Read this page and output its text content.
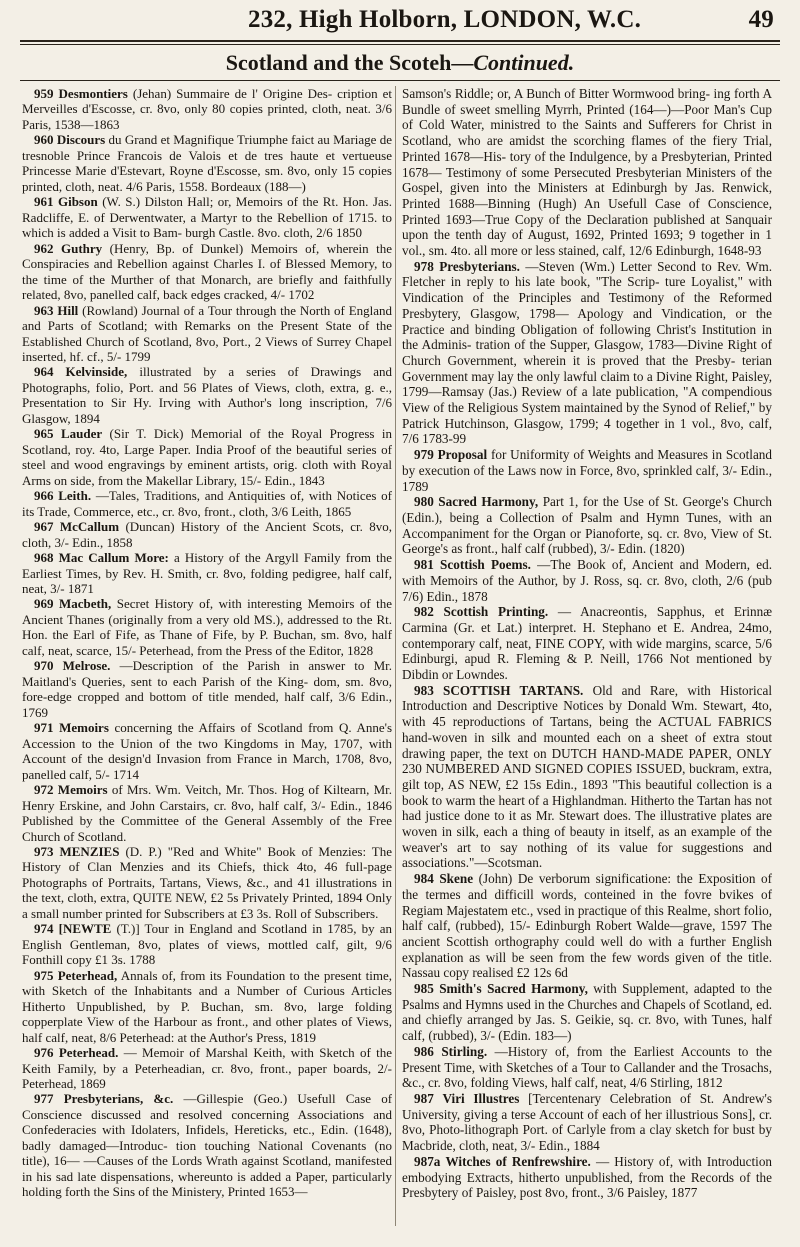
232, High Holborn, LONDON, W.C.	49
Scotland and the Scoteh—Continued.

959 Desmontiers (Jehan) Summaire de l' Origine Des- cription et Merveilles d'Escosse, cr. 8vo, only 80 copies printed, cloth, neat. 3/6 Paris, 1538—1863

960 Discours du Grand et Magnifique Triumphe faict au Mariage de tresnoble Prince Francois de Valois et de tres haute et vertueuse Princesse Marie d'Estevart, Royne d'Escosse, sm. 8vo, only 15 copies printed, cloth, neat. 4/6 Paris, 1558. Bordeaux (188—)

961 Gibson (W. S.) Dilston Hall; or, Memoirs of the Rt. Hon. Jas. Radcliffe, E. of Derwentwater, a Martyr to the Rebellion of 1715. to which is added a Visit to Bam- burgh Castle. 8vo. cloth, 2/6 1850

962 Guthry (Henry, Bp. of Dunkel) Memoirs of, wherein the Conspiracies and Rebellion against Charles I. of Blessed Memory, to the time of the Murther of that Monarch, are briefly and faithfully related, 8vo, panelled calf, back edges cracked, 4/- 1702

963 Hill (Rowland) Journal of a Tour through the North of England and Parts of Scotland; with Remarks on the Present State of the Established Church of Scotland, 8vo, Port., 2 Views of Surrey Chapel inserted, hf. cf., 5/- 1799

964 Kelvinside, illustrated by a series of Drawings and Photographs, folio, Port. and 56 Plates of Views, cloth, extra, g. e., Presentation to Sir Hy. Irving with Author's long inscription, 7/6 Glasgow, 1894

965 Lauder (Sir T. Dick) Memorial of the Royal Progress in Scotland, roy. 4to, Large Paper. India Proof of the beautiful series of steel and wood engravings by eminent artists, orig. cloth with Royal Arms on side, from the Makellar Library, 15/- Edin., 1843

966 Leith. —Tales, Traditions, and Antiquities of, with Notices of its Trade, Commerce, etc., cr. 8vo, front., cloth, 3/6 Leith, 1865

967 McCallum (Duncan) History of the Ancient Scots, cr. 8vo, cloth, 3/- Edin., 1858

968 Mac Callum More: a History of the Argyll Family from the Earliest Times, by Rev. H. Smith, cr. 8vo, folding pedigree, half calf, neat, 3/- 1871

969 Macbeth, Secret History of, with interesting Memoirs of the Ancient Thanes (originally from a very old MS.), addressed to the Rt. Hon. the Earl of Fife, as Thane of Fife, by P. Buchan, sm. 8vo, half calf, neat, scarce, 15/- Peterhead, from the Press of the Editor, 1828

970 Melrose. —Description of the Parish in answer to Mr. Maitland's Queries, sent to each Parish of the King- dom, sm. 8vo, fore-edge cropped and bottom of title mended, half calf, 3/6 Edin., 1769

971 Memoirs concerning the Affairs of Scotland from Q. Anne's Accession to the Union of the two Kingdoms in May, 1707, with Account of the design'd Invasion from France in March, 1708, 8vo, panelled calf, 5/- 1714

972 Memoirs of Mrs. Wm. Veitch, Mr. Thos. Hog of Kiltearn, Mr. Henry Erskine, and John Carstairs, cr. 8vo, half calf, 3/- Edin., 1846 Published by the Committee of the General Assembly of the Free Church of Scotland.

973 MENZIES (D. P.) "Red and White" Book of Menzies: The History of Clan Menzies and its Chiefs, thick 4to, 46 full-page Photographs of Portraits, Tartans, Views, &c., and 41 illustrations in the text, cloth, extra, QUITE NEW, £2 5s Privately Printed, 1894 Only a small number printed for Subscribers at £3 3s. Roll of Subscribers.

974 [NEWTE (T.)] Tour in England and Scotland in 1785, by an English Gentleman, 8vo, plates of views, mottled calf, gilt, 9/6 Fonthill copy £1 3s. 1788

975 Peterhead, Annals of, from its Foundation to the present time, with Sketch of the Inhabitants and a Number of Curious Articles Hitherto Unpublished, by P. Buchan, sm. 8vo, large folding copperplate View of the Harbour as front., and other plates of Views, half calf, neat, 8/6 Peterhead: at the Author's Press, 1819

976 Peterhead. — Memoir of Marshal Keith, with Sketch of the Keith Family, by a Peterheadian, cr. 8vo, front., paper boards, 2/- Peterhead, 1869

977 Presbyterians, &c. —Gillespie (Geo.) Usefull Case of Conscience discussed and resolved concerning Associations and Confederacies with Idolaters, Infidels, Hereticks, etc., Edin. (1648), badly damaged—Introduc- tion touching National Covenants (no title), 16— —Causes of the Lords Wrath against Scotland, manifested in his sad late dispensations, whereunto is added a Paper, particularly holding forth the Sins of the Ministery, Printed 1653—

Samson's Riddle; or, A Bunch of Bitter Wormwood bring- ing forth A Bundle of sweet smelling Myrrh, Printed (164—)—Poor Man's Cup of Cold Water, ministred to the Saints and Sufferers for Christ in Scotland, who are amidst the scorching flames of the fiery Trial, Printed 1678—His- tory of the Indulgence, by a Presbyterian, Printed 1678— Testimony of some Persecuted Presbyterian Ministers of the Gospel, given into the Ministers at Edinburgh by Jas. Renwick, Printed 1688—Binning (Hugh) An Usefull Case of Conscience, Printed 1693—True Copy of the Declaration published at Sanquair upon the tenth day of August, 1692, Printed 1693; 9 together in 1 vol., sm. 4to. all more or less stained, calf, 12/6 Edinburgh, 1648-93

978 Presbyterians. —Steven (Wm.) Letter Second to Rev. Wm. Fletcher in reply to his late book, "The Scrip- ture Loyalist," with Vindication of the Principles and Testimony of the Reformed Presbytery, Glasgow, 1798— Apology and Vindication, or the Practice and binding Obligation of following Christ's Institution in the Adminis- tration of the Supper, Glasgow, 1783—Divine Right of Church Government, wherein it is proved that the Presby- terian Government may lay the only lawful claim to a Divine Right, Paisley, 1799—Ramsay (Jas.) Review of a late publication, "A compendious View of the Religious System maintained by the Synod of Relief," by Patrick Hutchinson, Glasgow, 1799; 4 together in 1 vol., 8vo, calf, 7/6 1783-99

979 Proposal for Uniformity of Weights and Measures in Scotland by execution of the Laws now in Force, 8vo, sprinkled calf, 3/- Edin., 1789

980 Sacred Harmony, Part 1, for the Use of St. George's Church (Edin.), being a Collection of Psalm and Hymn Tunes, with an Accompaniment for the Organ or Pianoforte, sq. cr. 8vo, View of St. George's as front., half calf (rubbed), 3/- Edin. (1820)

981 Scottish Poems. —The Book of, Ancient and Modern, ed. with Memoirs of the Author, by J. Ross, sq. cr. 8vo, cloth, 2/6 (pub 7/6) Edin., 1878

982 Scottish Printing. — Anacreontis, Sapphus, et Erinnæ Carmina (Gr. et Lat.) interpret. H. Stephano et E. Andrea, 24mo, contemporary calf, neat, FINE COPY, with wide margins, scarce, 5/6 Edinburgi, apud R. Fleming & P. Neill, 1766 Not mentioned by Dibdin or Lowndes.

983 SCOTTISH TARTANS. Old and Rare, with Historical Introduction and Descriptive Notices by Donald Wm. Stewart, 4to, with 45 reproductions of Tartans, being the ACTUAL FABRICS hand-woven in silk and mounted each on a sheet of extra stout drawing paper, the text on DUTCH HAND-MADE PAPER, ONLY 230 NUMBERED AND SIGNED COPIES ISSUED, buckram, extra, gilt top, AS NEW, £2 15s Edin., 1893 "This beautiful collection is a book to warm the heart of a Highlandman. Hitherto the Tartan has not had justice done to it as Mr. Stewart does. The illustrative plates are woven in silk, each a thing of beauty in itself, as an example of the weaver's art to say nothing of its value for suggestions and associations."—Scotsman.

984 Skene (John) De verborum significatione: the Exposition of the termes and difficill words, conteined in the fovre bvikes of Regiam Majestatem etc., vsed in practique of this Realme, short folio, half calf, (rubbed), 15/- Edinburgh Robert Walde—grave, 1597 The ancient Scottish orthography could well do with a further English explanation as will be seen from the few words given of the title. Nassau copy realised £2 12s 6d

985 Smith's Sacred Harmony, with Supplement, adapted to the Psalms and Hymns used in the Churches and Chapels of Scotland, ed. and chiefly arranged by Jas. S. Geikie, sq. cr. 8vo, with Tunes, half calf, (rubbed), 3/- (Edin. 183—)

986 Stirling. —History of, from the Earliest Accounts to the Present Time, with Sketches of a Tour to Callander and the Trosachs, &c., cr. 8vo, folding Views, half calf, neat, 4/6 Stirling, 1812

987 Viri Illustres [Tercentenary Celebration of St. Andrew's University, giving a terse Account of each of her illustrious Sons], cr. 8vo, Photo-lithograph Port. of Carlyle from a clay sketch for bust by Macbride, cloth, neat, 3/- Edin., 1884

987a Witches of Renfrewshire. — History of, with Introduction embodying Extracts, hitherto unpublished, from the Records of the Presbytery of Paisley, post 8vo, front., 3/6 Paisley, 1877
